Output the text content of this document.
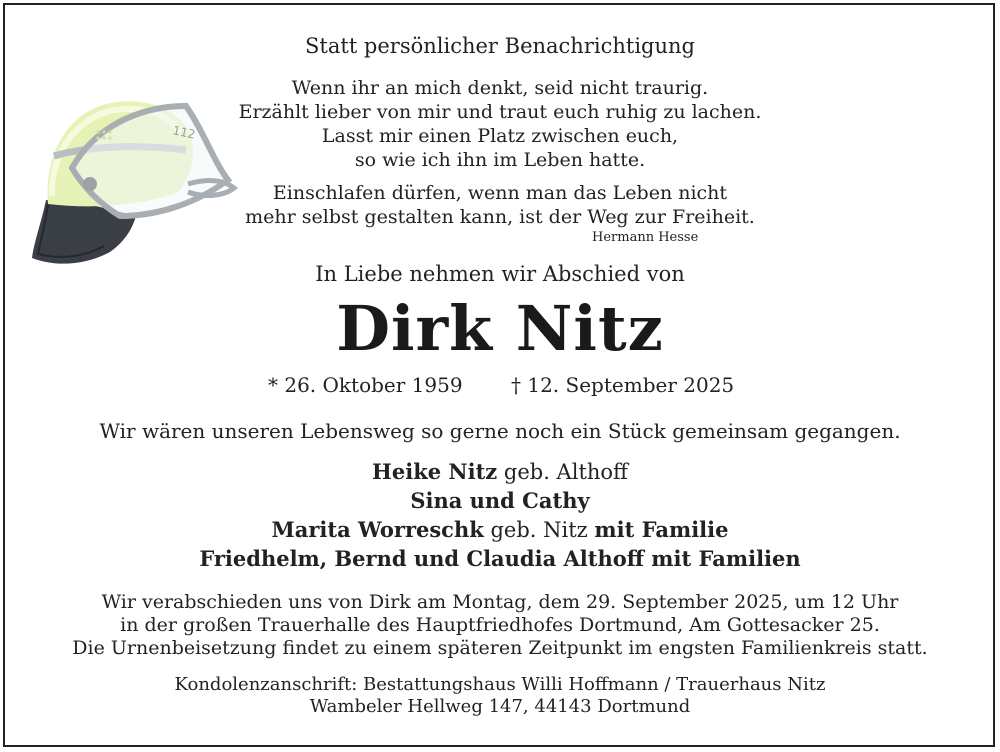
112
Statt persönlicher Benachrichtigung
Wenn ihr an mich denkt, seid nicht traurig.
Erzählt lieber von mir und traut euch ruhig zu lachen.
Lasst mir einen Platz zwischen euch,
so wie ich ihn im Leben hatte.
Einschlafen dürfen, wenn man das Leben nicht
mehr selbst gestalten kann, ist der Weg zur Freiheit.
Hermann Hesse
In Liebe nehmen wir Abschied von
Dirk Nitz
* 26. Oktober 1959 † 12. September 2025
Wir wären unseren Lebensweg so gerne noch ein Stück gemeinsam gegangen.
Heike Nitz geb. Althoff
Sina und Cathy
Marita Worreschk geb. Nitz mit Familie
Friedhelm, Bernd und Claudia Althoff mit Familien
Wir verabschieden uns von Dirk am Montag, dem 29. September 2025, um 12 Uhr
in der großen Trauerhalle des Hauptfriedhofes Dortmund, Am Gottesacker 25.
Die Urnenbeisetzung findet zu einem späteren Zeitpunkt im engsten Familienkreis statt.
Kondolenzanschrift: Bestattungshaus Willi Hoffmann / Trauerhaus Nitz
Wambeler Hellweg 147, 44143 Dortmund
